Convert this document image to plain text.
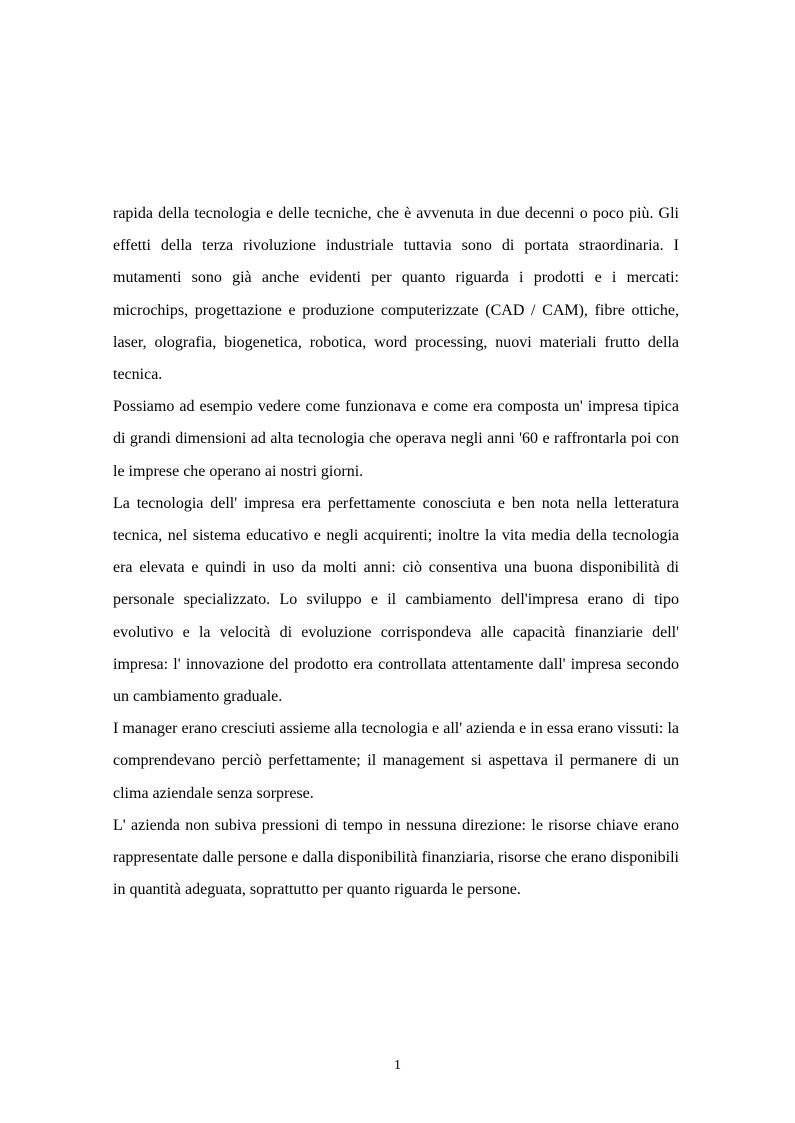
rapida della tecnologia e delle tecniche, che è avvenuta in due decenni o poco più. Gli effetti della terza rivoluzione industriale tuttavia sono di portata straordinaria. I mutamenti sono già anche evidenti per quanto riguarda i prodotti e i mercati: microchips, progettazione e produzione computerizzate (CAD / CAM), fibre ottiche, laser, olografia, biogenetica, robotica, word processing, nuovi materiali frutto della tecnica.

Possiamo ad esempio vedere come funzionava e come era composta un' impresa tipica di grandi dimensioni ad alta tecnologia che operava negli anni '60 e raffrontarla poi con le imprese che operano ai nostri giorni.

La tecnologia dell' impresa era perfettamente conosciuta e ben nota nella letteratura tecnica, nel sistema educativo e negli acquirenti; inoltre la vita media della tecnologia era elevata e quindi in uso da molti anni: ciò consentiva una buona disponibilità di personale specializzato. Lo sviluppo e il cambiamento dell'impresa erano di tipo evolutivo e la velocità di evoluzione corrispondeva alle capacità finanziarie dell' impresa: l' innovazione del prodotto era controllata attentamente dall' impresa secondo un cambiamento graduale.

I manager erano cresciuti assieme alla tecnologia e all' azienda e in essa erano vissuti: la comprendevano perciò perfettamente; il management si aspettava il permanere di un clima aziendale senza sorprese.

L' azienda non subiva pressioni di tempo in nessuna direzione: le risorse chiave erano rappresentate dalle persone e dalla disponibilità finanziaria, risorse che erano disponibili in quantità adeguata, soprattutto per quanto riguarda le persone.

1
